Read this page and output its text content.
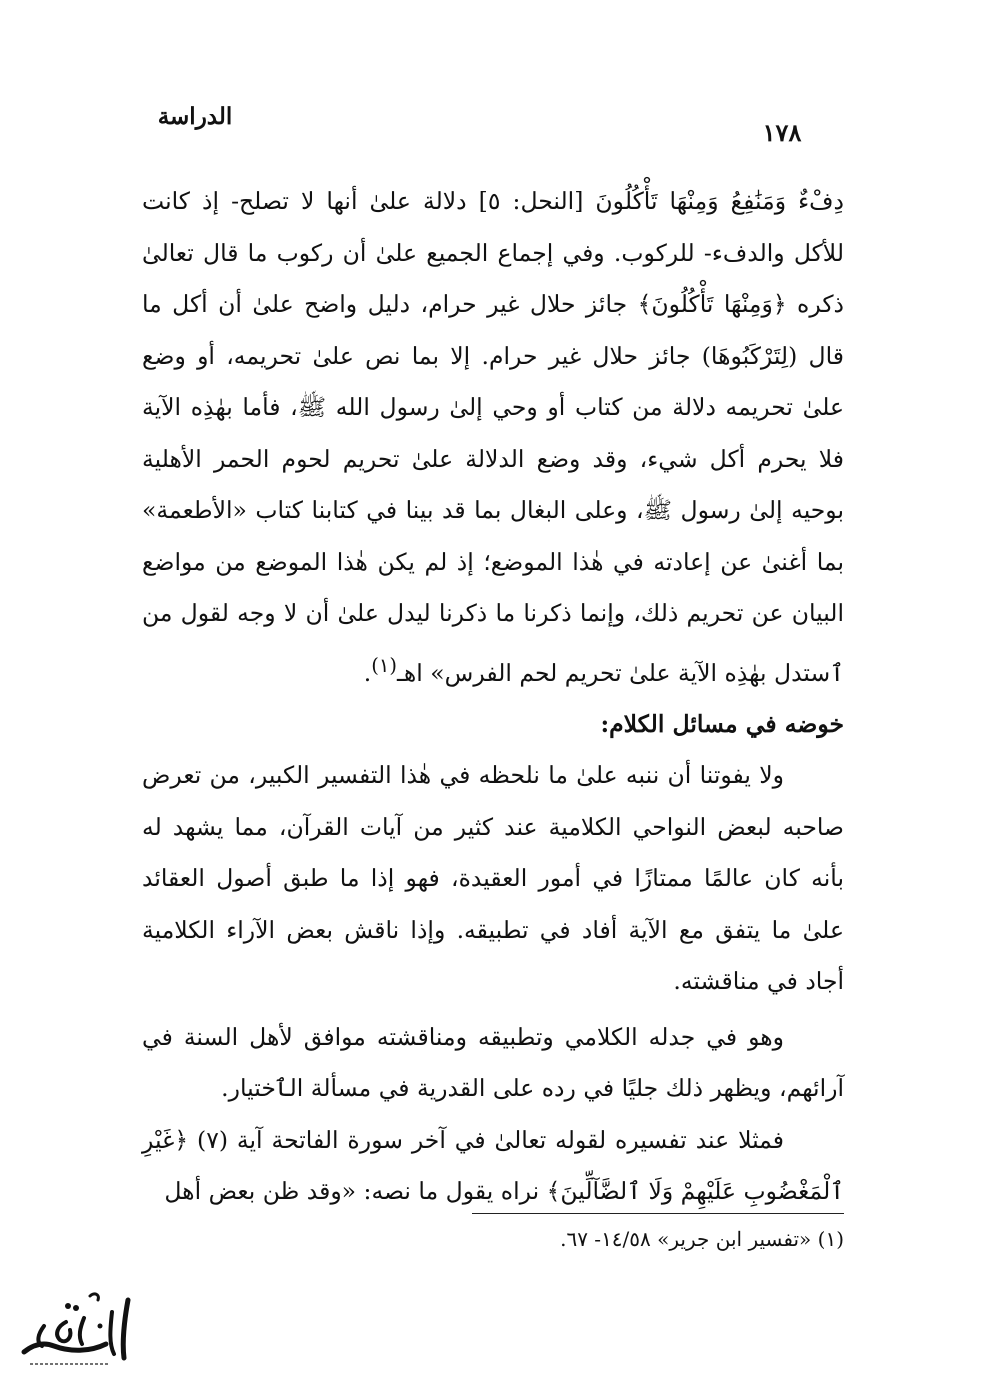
الدراسة
١٧٨

دِفْءٌ وَمَنَٰفِعُ وَمِنْهَا تَأْكُلُونَ [النحل: ٥] دلالة علىٰ أنها لا تصلح- إذ كانت للأكل والدفء- للركوب. وفي إجماع الجميع علىٰ أن ركوب ما قال تعالىٰ ذكره ﴿وَمِنْهَا تَأْكُلُونَ﴾ جائز حلال غير حرام، دليل واضح علىٰ أن أكل ما قال (لِتَرْكَبُوهَا) جائز حلال غير حرام. إلا بما نص علىٰ تحريمه، أو وضع علىٰ تحريمه دلالة من كتاب أو وحي إلىٰ رسول الله ﷺ، فأما بهٰذِه الآية فلا يحرم أكل شيء، وقد وضع الدلالة علىٰ تحريم لحوم الحمر الأهلية بوحيه إلىٰ رسول ﷺ، وعلى البغال بما قد بينا في كتابنا كتاب «الأطعمة» بما أغنىٰ عن إعادته في هٰذا الموضع؛ إذ لم يكن هٰذا الموضع من مواضع البيان عن تحريم ذلك، وإنما ذكرنا ما ذكرنا ليدل علىٰ أن لا وجه لقول من ٱستدل بهٰذِه الآية علىٰ تحريم لحم الفرس» اهـ$^{(١)}$.

خوضه في مسائل الكلام:

ولا يفوتنا أن ننبه علىٰ ما نلحظه في هٰذا التفسير الكبير، من تعرض صاحبه لبعض النواحي الكلامية عند كثير من آيات القرآن، مما يشهد له بأنه كان عالمًا ممتازًا في أمور العقيدة، فهو إذا ما طبق أصول العقائد علىٰ ما يتفق مع الآية أفاد في تطبيقه. وإذا ناقش بعض الآراء الكلامية أجاد في مناقشته.

وهو في جدله الكلامي وتطبيقه ومناقشته موافق لأهل السنة في آرائهم، ويظهر ذلك جليًا في رده على القدرية في مسألة الٱختيار.

فمثلا عند تفسيره لقوله تعالىٰ في آخر سورة الفاتحة آية (٧) ﴿غَيْرِ ٱلْمَغْضُوبِ عَلَيْهِمْ وَلَا ٱلضَّآلِّينَ﴾ نراه يقول ما نصه: «وقد ظن بعض أهل

(١) «تفسير ابن جرير» ١٤/٥٨- ٦٧.
